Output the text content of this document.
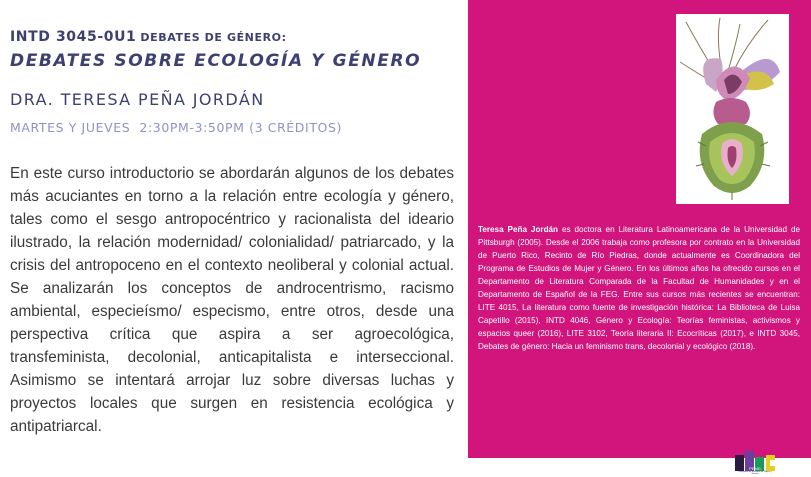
INTD 3045-0U1 DEBATES DE GÉNERO:
DEBATES SOBRE ECOLOGÍA Y GÉNERO
DRA. TERESA PEÑA JORDÁN
MARTES Y JUEVES  2:30PM-3:50PM (3 CRÉDITOS)

En este curso introductorio se abordarán algunos de los debates más acuciantes en torno a la relación entre ecología y género, tales como el sesgo antropocéntrico y racionalista del ideario ilustrado, la relación modernidad/ colonialidad/ patriarcado, y la crisis del antropoceno en el contexto neoliberal y colonial actual. Se analizarán los conceptos de androcentrismo, racismo ambiental, especieísmo/ especismo, entre otros, desde una perspectiva crítica que aspira a ser agroecológica, transfeminista, decolonial, anticapitalista e interseccional. Asimismo se intentará arrojar luz sobre diversas luchas y proyectos locales que surgen en resistencia ecológica y antipatriarcal.

Teresa Peña Jordán es doctora en Literatura Latinoamericana de la Universidad de Pittsburgh (2005). Desde el 2006 trabaja como profesora por contrato en la Universidad de Puerto Rico, Recinto de Río Piedras, donde actualmente es Coordinadora del Programa de Estudios de Mujer y Género. En los últimos años ha ofrecido cursos en el Departamento de Literatura Comparada de la Facultad de Humanidades y en el Departamento de Español de la FEG. Entre sus cursos más recientes se encuentran: LITE 4015, La literatura como fuente de investigación histórica: La Biblioteca de Luisa Capetillo (2015), INTD 4046, Género y Ecología: Teorías feministas, activismos y espacios queer (2016), LITE 3102, Teoría literaria II: Ecocríticas (2017), e INTD 3045, Debates de género: Hacia un feminismo trans, decolonial y ecológico (2018).

PEMG
Programa de Estudios de Mujer y Género
